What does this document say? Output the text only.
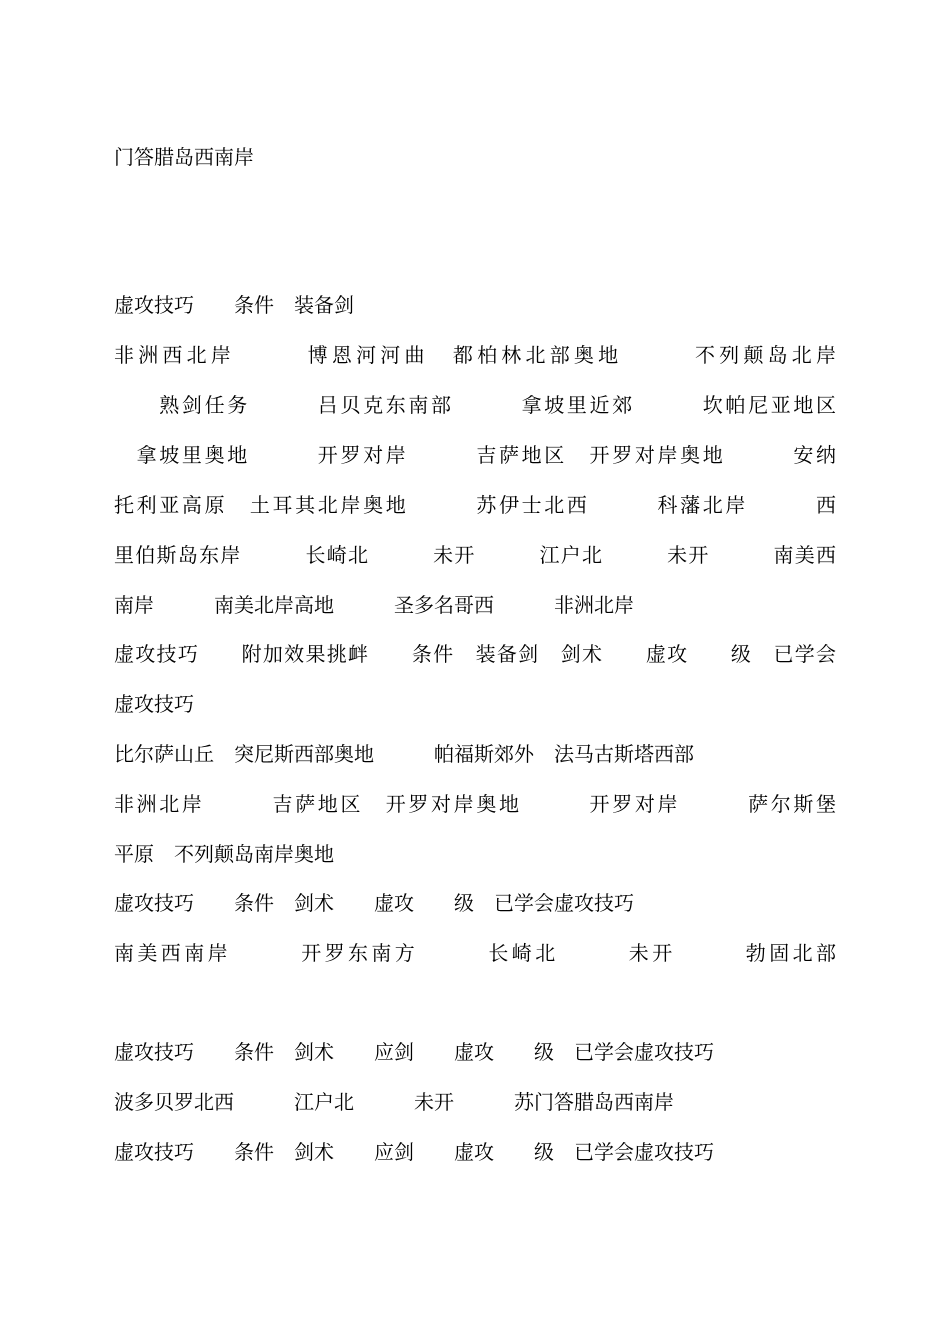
门答腊岛西南岸
虚攻技巧　　条件　装备剑
非洲西北岸　　　博恩河河曲　都柏林北部奥地　　　不列颠岛北岸
　　熟剑任务　　　吕贝克东南部　　　拿坡里近郊　　　坎帕尼亚地区
　拿坡里奥地　　　开罗对岸　　　吉萨地区　开罗对岸奥地　　　安纳
托利亚高原　土耳其北岸奥地　　　苏伊士北西　　　科藩北岸　　　西
里伯斯岛东岸　　　长崎北　　　未开　　　江户北　　　未开　　　南美西
南岸　　　南美北岸高地　　　圣多名哥西　　　非洲北岸
虚攻技巧　　附加效果挑衅　　条件　装备剑　剑术　　虚攻　　级　已学会
虚攻技巧
比尔萨山丘　突尼斯西部奥地　　　帕福斯郊外　法马古斯塔西部
非洲北岸　　　吉萨地区　开罗对岸奥地　　　开罗对岸　　　萨尔斯堡
平原　不列颠岛南岸奥地
虚攻技巧　　条件　剑术　　虚攻　　级　已学会虚攻技巧
南美西南岸　　　开罗东南方　　　长崎北　　　未开　　　勃固北部
虚攻技巧　　条件　剑术　　应剑　　虚攻　　级　已学会虚攻技巧
波多贝罗北西　　　江户北　　　未开　　　苏门答腊岛西南岸
虚攻技巧　　条件　剑术　　应剑　　虚攻　　级　已学会虚攻技巧
